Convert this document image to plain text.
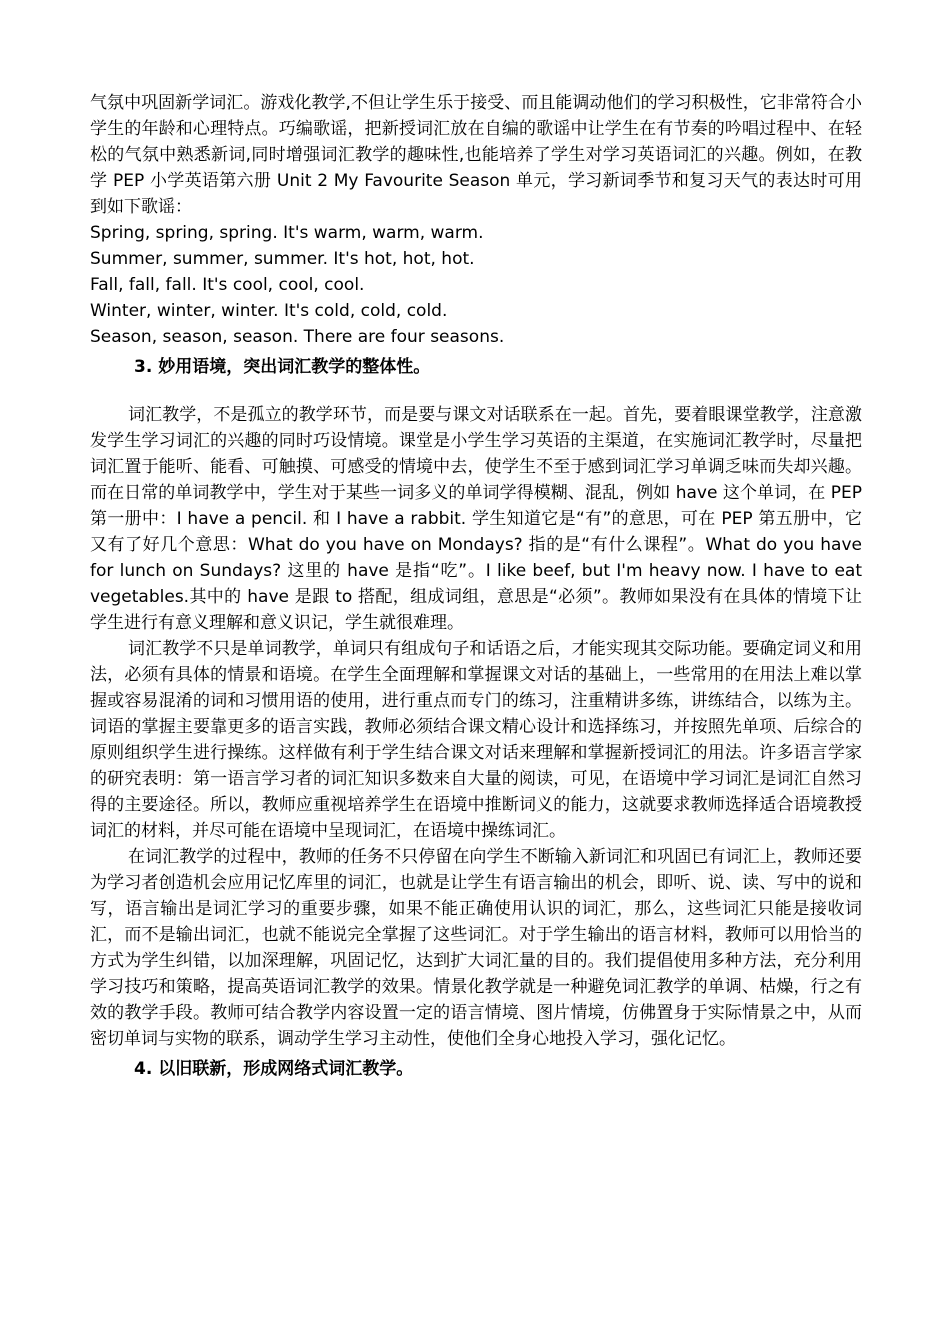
气氛中巩固新学词汇。游戏化教学,不但让学生乐于接受、而且能调动他们的学习积极性，它非常符合小学生的年龄和心理特点。巧编歌谣，把新授词汇放在自编的歌谣中让学生在有节奏的吟唱过程中、在轻松的气氛中熟悉新词,同时增强词汇教学的趣味性,也能培养了学生对学习英语词汇的兴趣。例如，在教学 PEP 小学英语第六册 Unit 2 My Favourite Season 单元，学习新词季节和复习天气的表达时可用到如下歌谣：

Spring, spring, spring. It's warm, warm, warm.
Summer, summer, summer. It's hot, hot, hot.
Fall, fall, fall. It's cool, cool, cool.
Winter, winter, winter. It's cold, cold, cold.
Season, season, season. There are four seasons.

3. 妙用语境，突出词汇教学的整体性。

词汇教学，不是孤立的教学环节，而是要与课文对话联系在一起。首先，要着眼课堂教学，注意激发学生学习词汇的兴趣的同时巧设情境。课堂是小学生学习英语的主渠道，在实施词汇教学时，尽量把词汇置于能听、能看、可触摸、可感受的情境中去，使学生不至于感到词汇学习单调乏味而失却兴趣。而在日常的单词教学中，学生对于某些一词多义的单词学得模糊、混乱，例如 have 这个单词，在 PEP 第一册中：I have a pencil. 和 I have a rabbit. 学生知道它是“有”的意思，可在 PEP 第五册中，它又有了好几个意思：What do you have on Mondays? 指的是“有什么课程”。What do you have for lunch on Sundays? 这里的 have 是指“吃”。I like beef, but I'm heavy now. I have to eat vegetables.其中的 have 是跟 to 搭配，组成词组，意思是“必须”。教师如果没有在具体的情境下让学生进行有意义理解和意义识记，学生就很难理。

词汇教学不只是单词教学，单词只有组成句子和话语之后，才能实现其交际功能。要确定词义和用法，必须有具体的情景和语境。在学生全面理解和掌握课文对话的基础上，一些常用的在用法上难以掌握或容易混淆的词和习惯用语的使用，进行重点而专门的练习，注重精讲多练，讲练结合，以练为主。词语的掌握主要靠更多的语言实践，教师必须结合课文精心设计和选择练习，并按照先单项、后综合的原则组织学生进行操练。这样做有利于学生结合课文对话来理解和掌握新授词汇的用法。许多语言学家的研究表明：第一语言学习者的词汇知识多数来自大量的阅读，可见，在语境中学习词汇是词汇自然习得的主要途径。所以，教师应重视培养学生在语境中推断词义的能力，这就要求教师选择适合语境教授词汇的材料，并尽可能在语境中呈现词汇，在语境中操练词汇。

在词汇教学的过程中，教师的任务不只停留在向学生不断输入新词汇和巩固已有词汇上，教师还要为学习者创造机会应用记忆库里的词汇，也就是让学生有语言输出的机会，即听、说、读、写中的说和写，语言输出是词汇学习的重要步骤，如果不能正确使用认识的词汇，那么，这些词汇只能是接收词汇，而不是输出词汇，也就不能说完全掌握了这些词汇。对于学生输出的语言材料，教师可以用恰当的方式为学生纠错，以加深理解，巩固记忆，达到扩大词汇量的目的。我们提倡使用多种方法，充分利用学习技巧和策略，提高英语词汇教学的效果。情景化教学就是一种避免词汇教学的单调、枯燥，行之有效的教学手段。教师可结合教学内容设置一定的语言情境、图片情境，仿佛置身于实际情景之中，从而密切单词与实物的联系，调动学生学习主动性，使他们全身心地投入学习，强化记忆。

4. 以旧联新，形成网络式词汇教学。
